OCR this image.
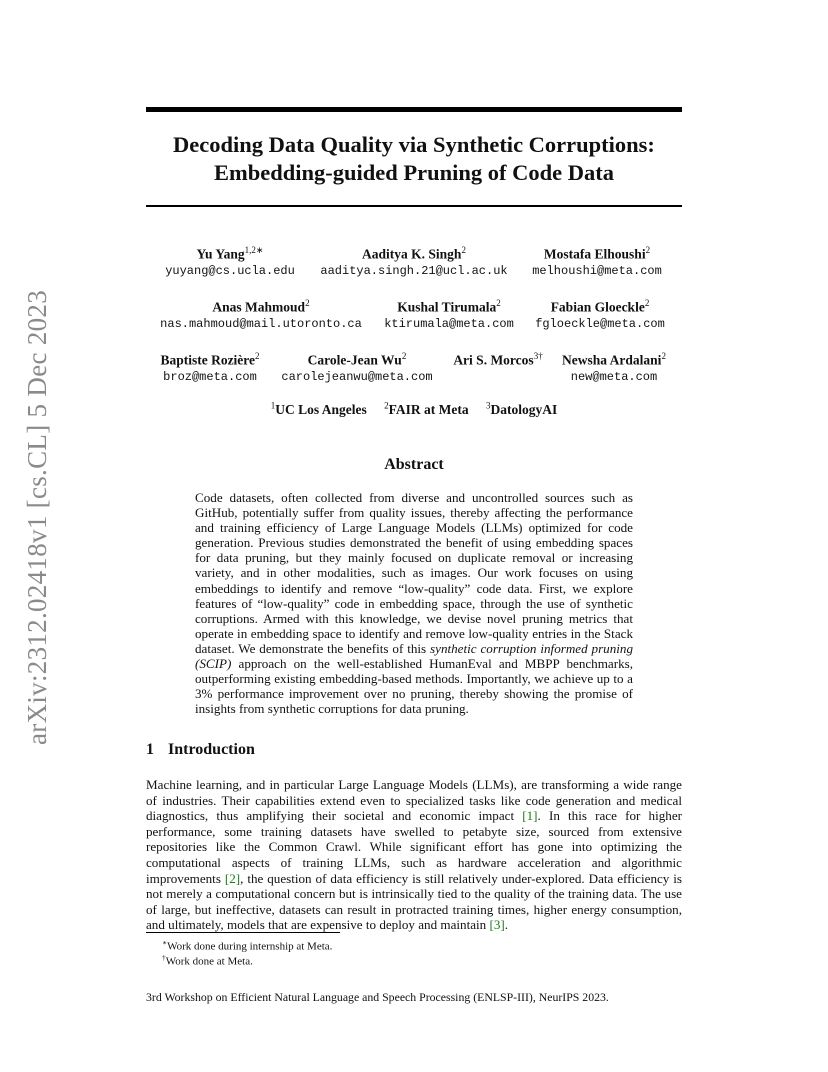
arXiv:2312.02418v1 [cs.CL] 5 Dec 2023
Decoding Data Quality via Synthetic Corruptions:
Embedding-guided Pruning of Code Data
Yu Yang$^{1,2∗}$
yuyang@cs.ucla.edu
Aaditya K. Singh$^2$
aaditya.singh.21@ucl.ac.uk
Mostafa Elhoushi$^2$
melhoushi@meta.com
Anas Mahmoud$^2$
nas.mahmoud@mail.utoronto.ca
Kushal Tirumala$^2$
ktirumala@meta.com
Fabian Gloeckle$^2$
fgloeckle@meta.com
Baptiste Rozière$^2$
broz@meta.com
Carole-Jean Wu$^2$
carolejeanwu@meta.com
Ari S. Morcos$^{3\dagger}$ Newsha Ardalani$^2$
new@meta.com
$^1$UC Los Angeles $^2$FAIR at Meta $^3$DatologyAI
Abstract
Code datasets, often collected from diverse and uncontrolled sources such as GitHub, potentially suffer from quality issues, thereby affecting the performance and training efficiency of Large Language Models (LLMs) optimized for code generation. Previous studies demonstrated the benefit of using embedding spaces for data pruning, but they mainly focused on duplicate removal or increasing variety, and in other modalities, such as images. Our work focuses on using embeddings to identify and remove “low-quality” code data. First, we explore features of “low-quality” code in embedding space, through the use of synthetic corruptions. Armed with this knowledge, we devise novel pruning metrics that operate in embedding space to identify and remove low-quality entries in the Stack dataset. We demonstrate the benefits of this synthetic corruption informed pruning (SCIP) approach on the well-established HumanEval and MBPP benchmarks, outperforming existing embedding-based methods. Importantly, we achieve up to a 3% performance improvement over no pruning, thereby showing the promise of insights from synthetic corruptions for data pruning.
1 Introduction
Machine learning, and in particular Large Language Models (LLMs), are transforming a wide range of industries. Their capabilities extend even to specialized tasks like code generation and medical diagnostics, thus amplifying their societal and economic impact [1]. In this race for higher performance, some training datasets have swelled to petabyte size, sourced from extensive repositories like the Common Crawl. While significant effort has gone into optimizing the computational aspects of training LLMs, such as hardware acceleration and algorithmic improvements [2], the question of data efficiency is still relatively under-explored. Data efficiency is not merely a computational concern but is intrinsically tied to the quality of the training data. The use of large, but ineffective, datasets can result in protracted training times, higher energy consumption, and ultimately, models that are expensive to deploy and maintain [3].
∗Work done during internship at Meta.
†Work done at Meta.
3rd Workshop on Efficient Natural Language and Speech Processing (ENLSP-III), NeurIPS 2023.
